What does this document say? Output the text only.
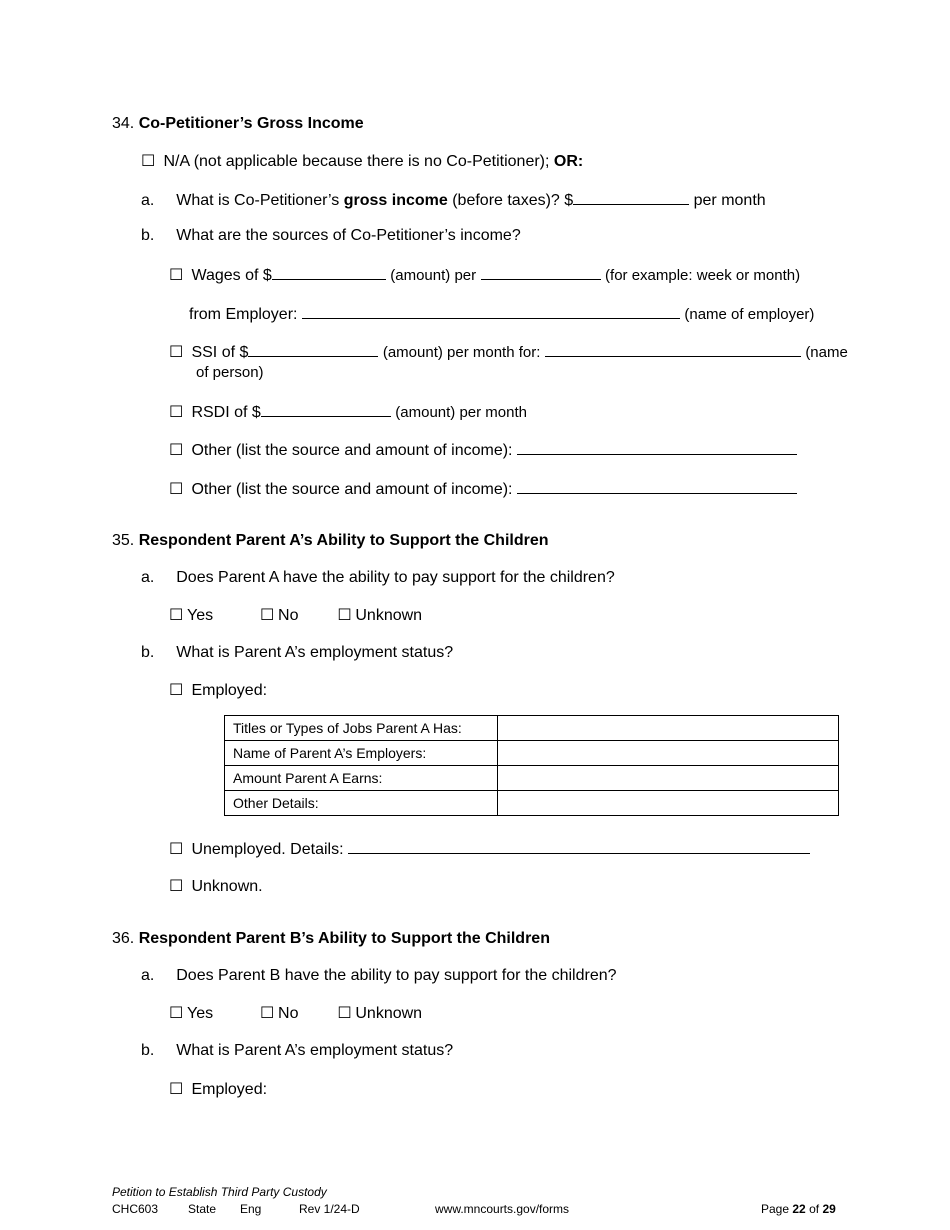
34. Co-Petitioner’s Gross Income
☐ N/A (not applicable because there is no Co-Petitioner); OR:
a. What is Co-Petitioner’s gross income (before taxes)? $	per month
b. What are the sources of Co-Petitioner’s income?
☐ Wages of $	(amount) per	(for example: week or month)
from Employer:	(name of employer)
☐ SSI of $	(amount) per month for:	(name
of person)
☐ RSDI of $	(amount) per month
☐ Other (list the source and amount of income):
☐ Other (list the source and amount of income):
35. Respondent Parent A’s Ability to Support the Children
a. Does Parent A have the ability to pay support for the children?
☐ Yes	☐ No ☐ Unknown
b. What is Parent A’s employment status?
☐ Employed:
Titles or Types of Jobs Parent A Has:	
Name of Parent A’s Employers:	
Amount Parent A Earns:	
Other Details:	
☐ Unemployed. Details:
☐ Unknown.
36. Respondent Parent B’s Ability to Support the Children
a. Does Parent B have the ability to pay support for the children?
☐ Yes	☐ No ☐ Unknown
b. What is Parent A’s employment status?
☐ Employed:
Petition to Establish Third Party Custody
CHC603 State Eng	Rev 1/24-D	www.mncourts.gov/forms	Page 22 of 29
